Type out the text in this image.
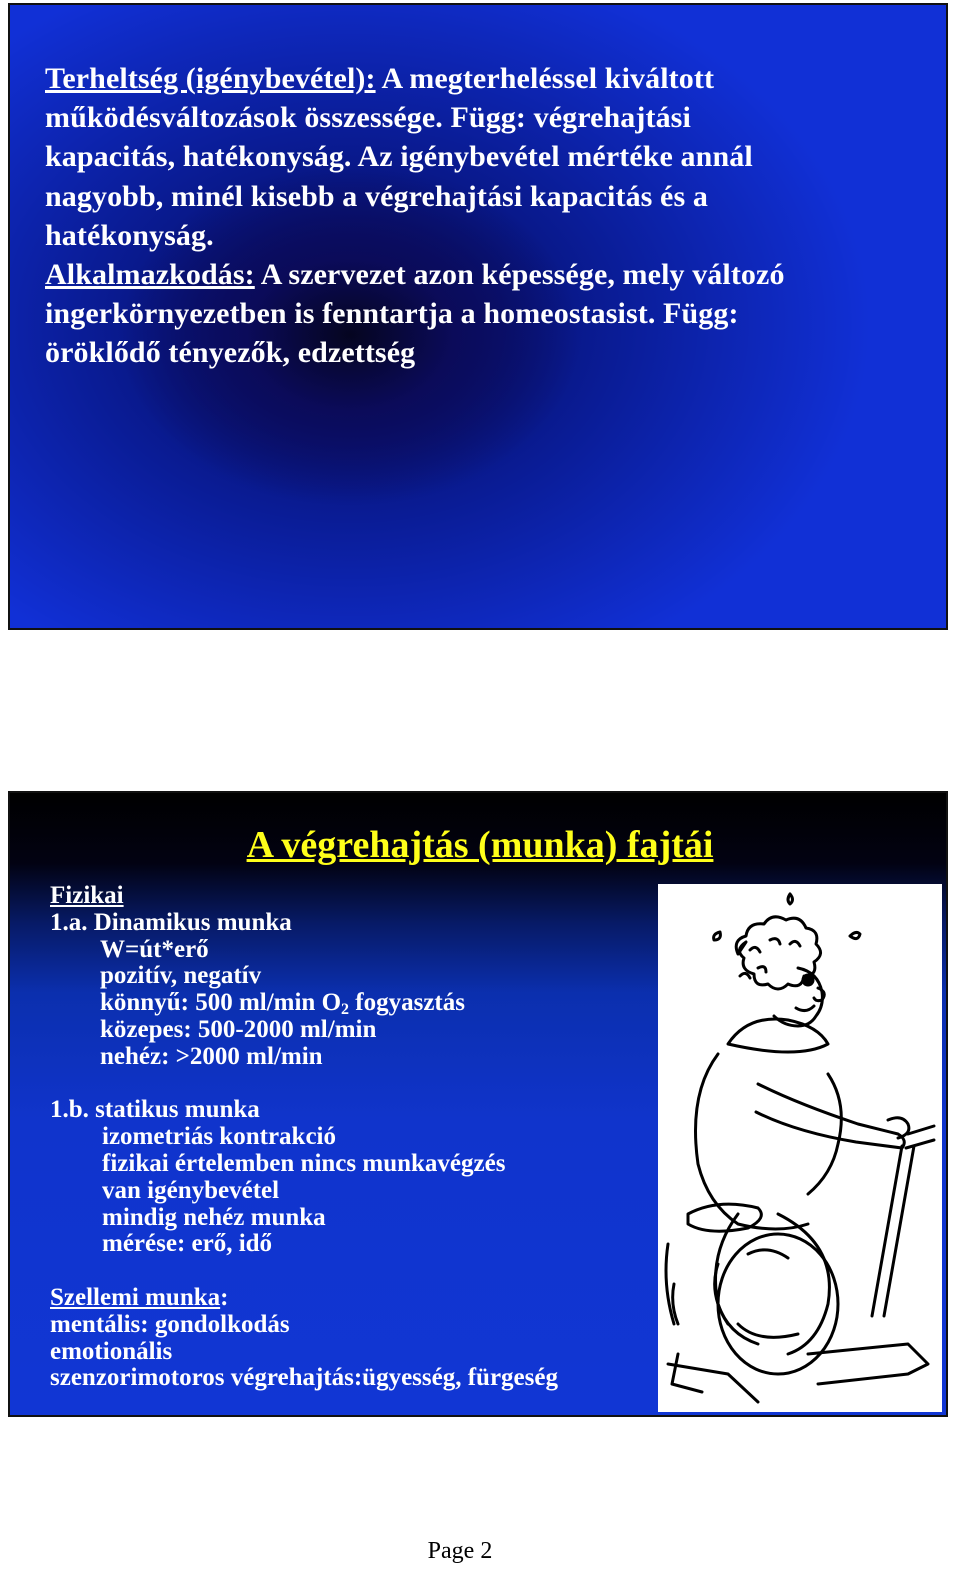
Terheltség (igénybevétel): A megterheléssel kiváltott
működésváltozások összessége. Függ: végrehajtási
kapacitás, hatékonyság. Az igénybevétel mértéke annál
nagyobb, minél kisebb a végrehajtási kapacitás és a
hatékonyság.
Alkalmazkodás: A szervezet azon képessége, mely változó
ingerkörnyezetben is fenntartja a homeostasist. Függ:
öröklődő tényezők, edzettség
A végrehajtás (munka) fajtái
Fizikai
1.a. Dinamikus munka
W=út*erő
pozitív, negatív
könnyű: 500 ml/min $O_2$ fogyasztás
közepes: 500-2000 ml/min
nehéz: >2000 ml/min
1.b. statikus munka
izometriás kontrakció
fizikai értelemben nincs munkavégzés
van igénybevétel
mindig nehéz munka
mérése: erő, idő
Szellemi munka:
mentális: gondolkodás
emotionális
szenzorimotoros végrehajtás:ügyesség, fürgeség
Page 2
